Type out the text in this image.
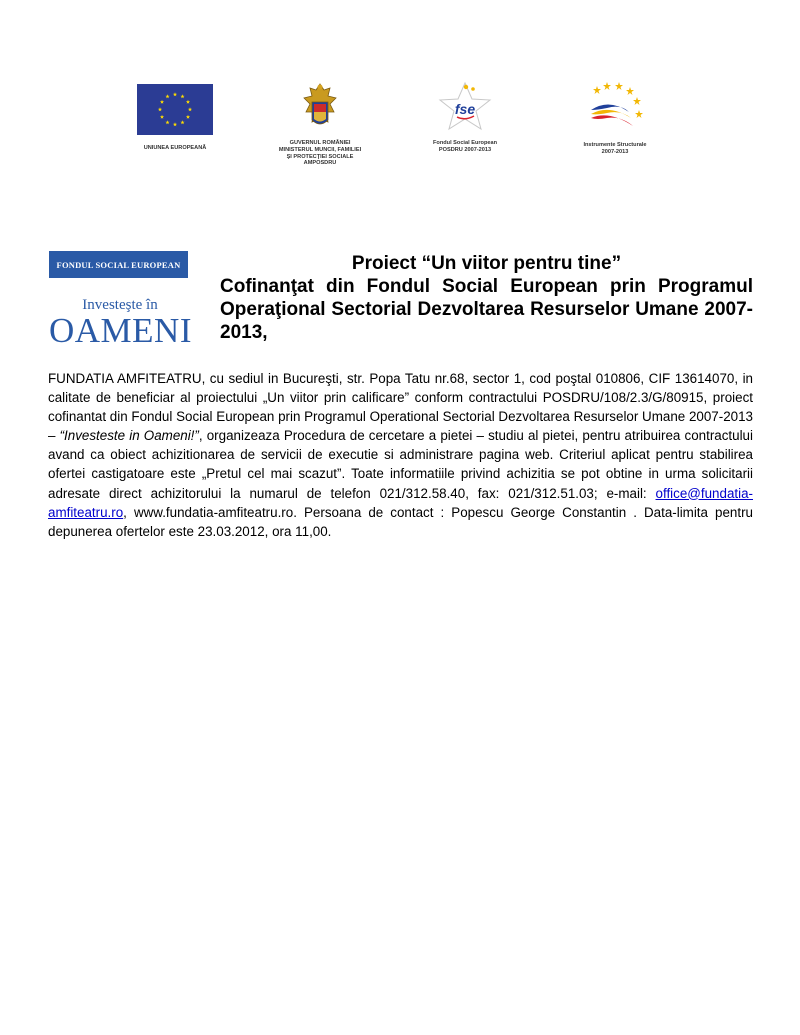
UNIUNEA EUROPEANĂ
GUVERNUL ROMÂNIEI
MINISTERUL MUNCII, FAMILIEI
ŞI PROTECŢIEI SOCIALE
AMPOSDRU
fse
Fondul Social European
POSDRU 2007-2013
Instrumente Structurale
2007-2013
FONDUL SOCIAL EUROPEAN
Investeşte în
OAMENI

Proiect “Un viitor pentru tine”

Cofinanţat din Fondul Social European prin Programul Operaţional Sectorial Dezvoltarea Resurselor Umane 2007- 2013,

FUNDATIA AMFITEATRU, cu sediul in Bucureşti, str. Popa Tatu nr.68, sector 1, cod poştal 010806, CIF 13614070, in calitate de beneficiar al proiectului „Un viitor prin calificare” conform contractului POSDRU/108/2.3/G/80915, proiect cofinantat din Fondul Social European prin Programul Operational Sectorial Dezvoltarea Resurselor Umane 2007-2013 – “Investeste in Oameni!”, organizeaza Procedura de cercetare a pietei – studiu al pietei, pentru atribuirea contractului avand ca obiect achizitionarea de servicii de executie si administrare pagina web. Criteriul aplicat pentru stabilirea ofertei castigatoare este „Pretul cel mai scazut”. Toate informatiile privind achizitia se pot obtine in urma solicitarii adresate direct achizitorului la numarul de telefon 021/312.58.40, fax: 021/312.51.03; e-mail: office@fundatia-amfiteatru.ro, www.fundatia-amfiteatru.ro. Persoana de contact : Popescu George Constantin . Data-limita pentru depunerea ofertelor este 23.03.2012, ora 11,00.
